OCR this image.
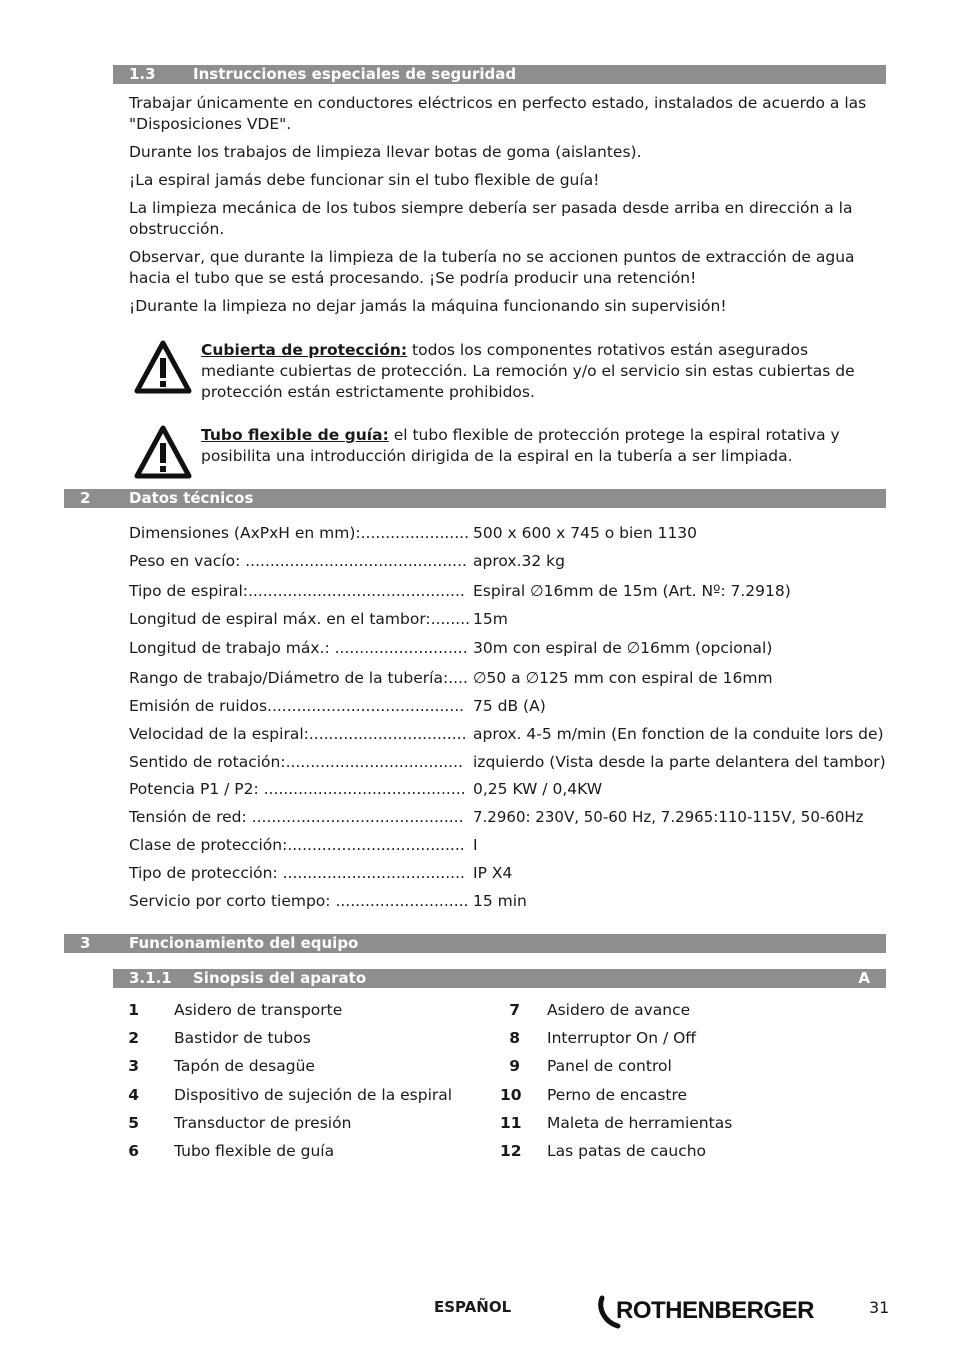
1.3 Instrucciones especiales de seguridad

Trabajar únicamente en conductores eléctricos en perfecto estado, instalados de acuerdo a las "Disposiciones VDE".

Durante los trabajos de limpieza llevar botas de goma (aislantes).

¡La espiral jamás debe funcionar sin el tubo flexible de guía!

La limpieza mecánica de los tubos siempre debería ser pasada desde arriba en dirección a la obstrucción.

Observar, que durante la limpieza de la tubería no se accionen puntos de extracción de agua hacia el tubo que se está procesando. ¡Se podría producir una retención!

¡Durante la limpieza no dejar jamás la máquina funcionando sin supervisión!

Cubierta de protección: todos los componentes rotativos están asegurados mediante cubiertas de protección. La remoción y/o el servicio sin estas cubiertas de protección están estrictamente prohibidos.
Tubo flexible de guía: el tubo flexible de protección protege la espiral rotativa y posibilita una introducción dirigida de la espiral en la tubería a ser limpiada.
2	Datos técnicos
Dimensiones (AxPxH en mm):...................... 500 x 600 x 745 o bien 1130
Peso en vacío: ............................................. aprox.32 kg
Tipo de espiral:............................................ Espiral ∅16mm de 15m (Art. Nº: 7.2918)
Longitud de espiral máx. en el tambor:........ 15m
Longitud de trabajo máx.: ........................... 30m con espiral de ∅16mm (opcional)
Rango de trabajo/Diámetro de la tubería:.... ∅50 a ∅125 mm con espiral de 16mm
Emisión de ruidos........................................ 75 dB (A)
Velocidad de la espiral:................................ aprox. 4-5 m/min (En fonction de la conduite lors de)
Sentido de rotación:.................................... izquierdo (Vista desde la parte delantera del tambor)
Potencia P1 / P2: ......................................... 0,25 KW / 0,4KW
Tensión de red: ........................................... 7.2960: 230V, 50-60 Hz, 7.2965:110-115V, 50-60Hz
Clase de protección:.................................... I
Tipo de protección: ..................................... IP X4
Servicio por corto tiempo: ........................... 15 min
3	Funcionamiento del equipo
3.1.1 Sinopsis del aparato	A
1 Asidero de transporte
2 Bastidor de tubos
3 Tapón de desagüe
4 Dispositivo de sujeción de la espiral
5 Transductor de presión
6 Tubo flexible de guía
7 Asidero de avance
8 Interruptor On / Off
9 Panel de control
10 Perno de encastre
11 Maleta de herramientas
12 Las patas de caucho
ESPAÑOL	ROTHENBERGER	31
